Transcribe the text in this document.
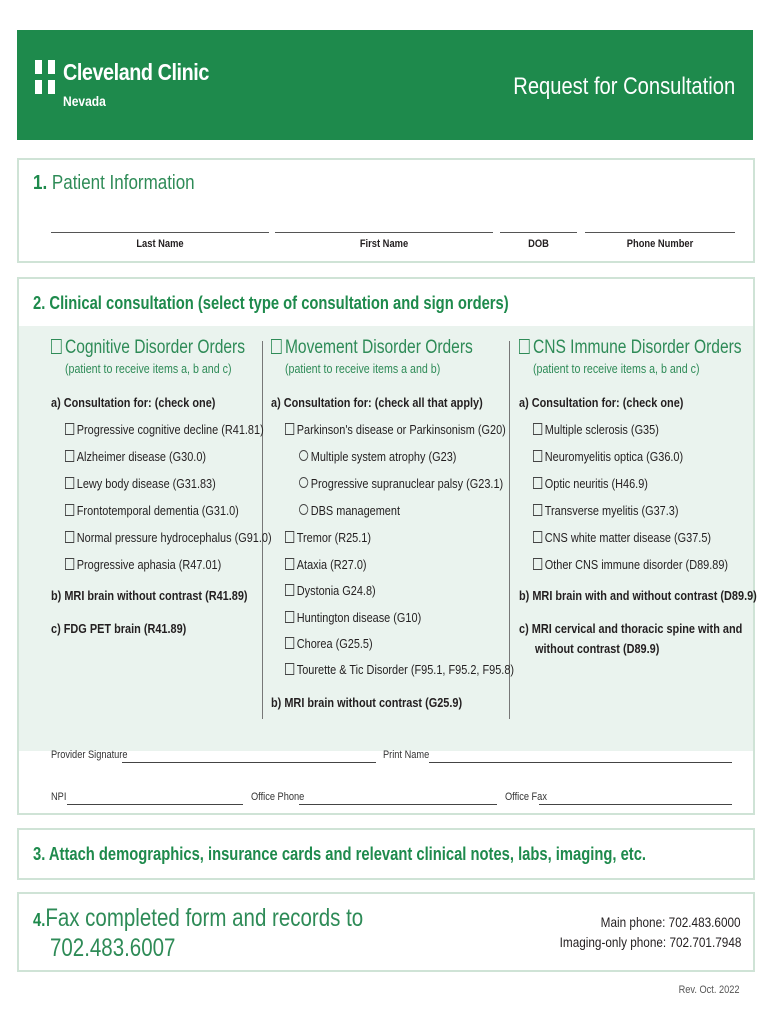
Cleveland Clinic
Nevada
Request for Consultation
1. Patient Information
Last Name	First Name	DOB	Phone Number
2. Clinical consultation (select type of consultation and sign orders)
Cognitive Disorder Orders
(patient to receive items a, b and c)
a) Consultation for: (check one)
Progressive cognitive decline (R41.81)
Alzheimer disease (G30.0)
Lewy body disease (G31.83)
Frontotemporal dementia (G31.0)
Normal pressure hydrocephalus (G91.0)
Progressive aphasia (R47.01)
b) MRI brain without contrast (R41.89)
c) FDG PET brain (R41.89)
Movement Disorder Orders
(patient to receive items a and b)
a) Consultation for: (check all that apply)
Parkinson's disease or Parkinsonism (G20)
Multiple system atrophy (G23)
Progressive supranuclear palsy (G23.1)
DBS management
Tremor (R25.1)
Ataxia (R27.0)
Dystonia G24.8)
Huntington disease (G10)
Chorea (G25.5)
Tourette & Tic Disorder (F95.1, F95.2, F95.8)
b) MRI brain without contrast (G25.9)
CNS Immune Disorder Orders
(patient to receive items a, b and c)
a) Consultation for: (check one)
Multiple sclerosis (G35)
Neuromyelitis optica (G36.0)
Optic neuritis (H46.9)
Transverse myelitis (G37.3)
CNS white matter disease (G37.5)
Other CNS immune disorder (D89.89)
b) MRI brain with and without contrast (D89.9)
c) MRI cervical and thoracic spine with and
without contrast (D89.9)
Provider Signature	Print Name
NPI	Office Phone	Office Fax
3. Attach demographics, insurance cards and relevant clinical notes, labs, imaging, etc.
4.Fax completed form and records to
702.483.6007
Main phone: 702.483.6000
Imaging-only phone: 702.701.7948
Rev. Oct. 2022
